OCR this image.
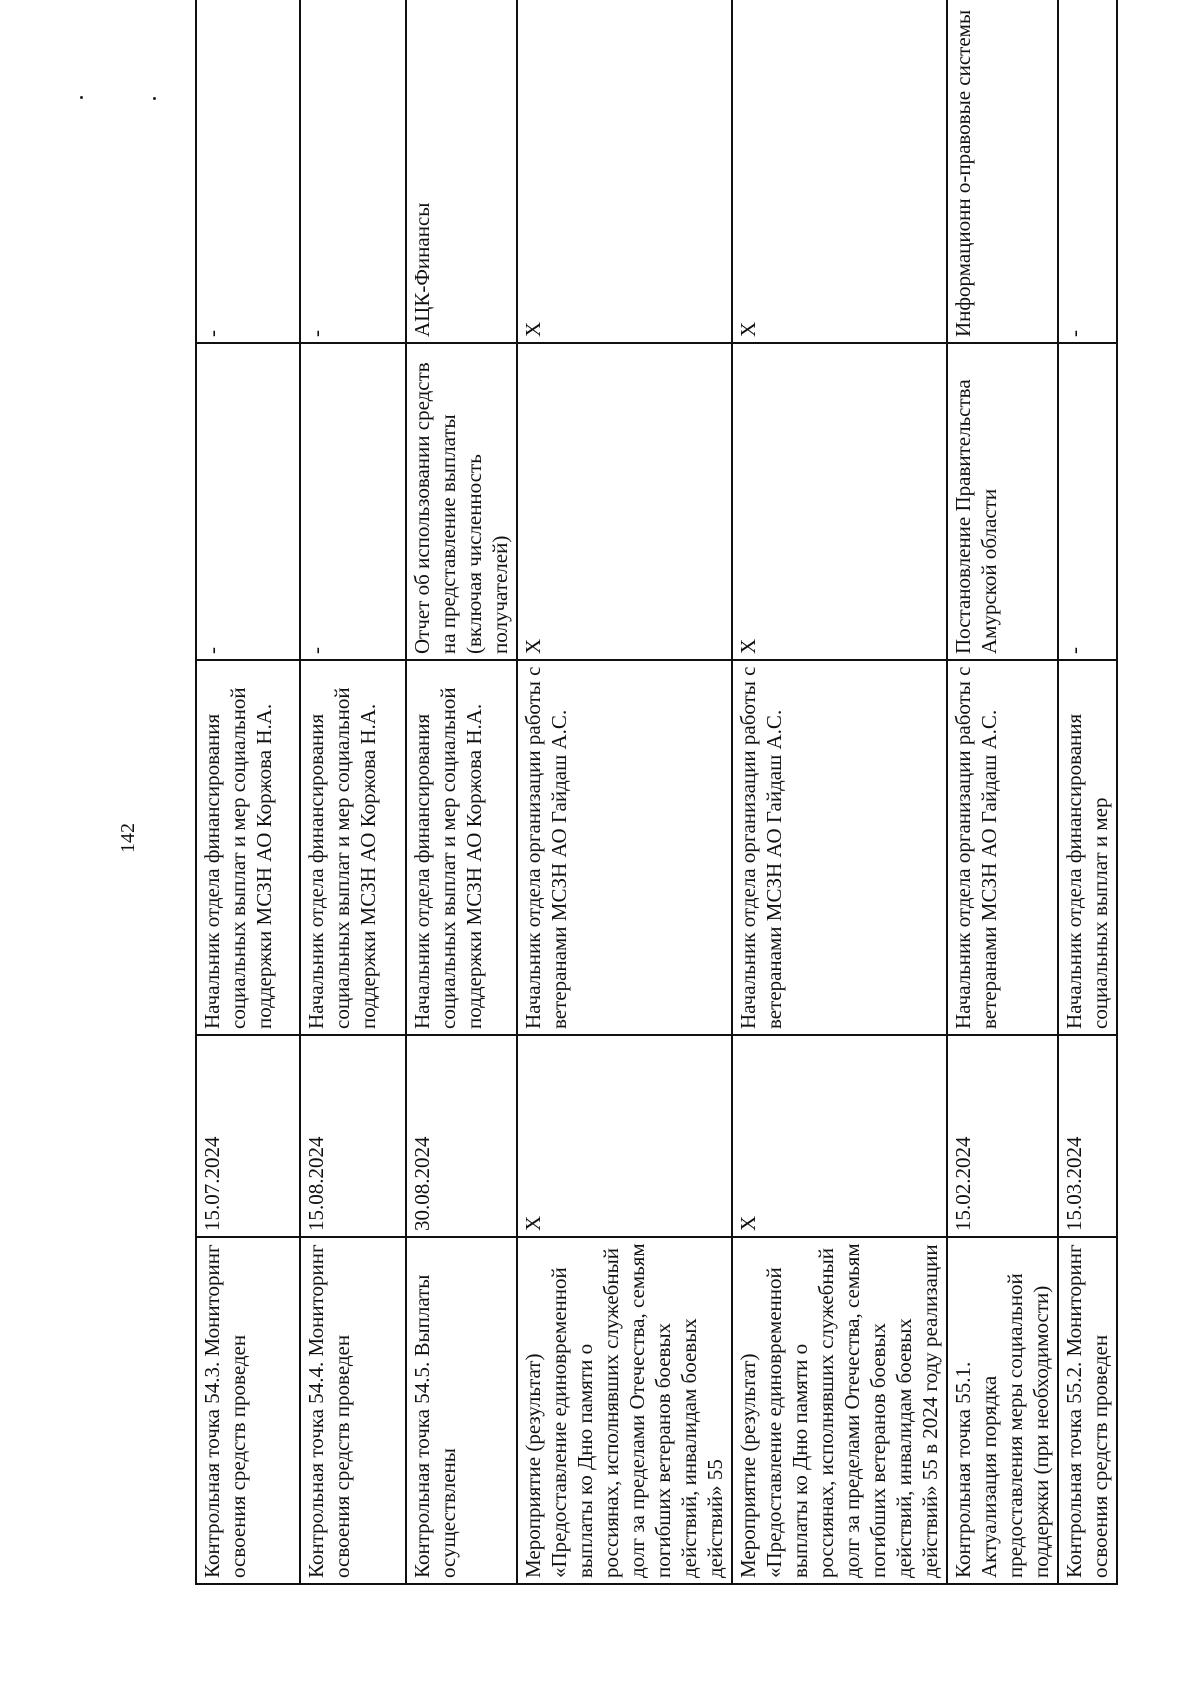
142
Контрольная точка 54.3. Мониторинг освоения средств проведен	15.07.2024	Начальник отдела финансирования социальных выплат и мер социальной поддержки МСЗН АО Коржова Н.А.	-	-
Контрольная точка 54.4. Мониторинг освоения средств проведен	15.08.2024	Начальник отдела финансирования социальных выплат и мер социальной поддержки МСЗН АО Коржова Н.А.	-	-
Контрольная точка 54.5. Выплаты осуществлены	30.08.2024	Начальник отдела финансирования социальных выплат и мер социальной поддержки МСЗН АО Коржова Н.А.	Отчет об использовании средств на представление выплаты (включая численность получателей)	АЦК-Финансы
Мероприятие (результат) «Предоставление единовременной выплаты ко Дню памяти о россиянах, исполнявших служебный долг за пределами Отечества, семьям погибших ветеранов боевых действий, инвалидам боевых действий» 55	X	Начальник отдела организации работы с ветеранами МСЗН АО Гайдаш А.С.	X	X
Мероприятие (результат) «Предоставление единовременной выплаты ко Дню памяти о россиянах, исполнявших служебный долг за пределами Отечества, семьям погибших ветеранов боевых действий, инвалидам боевых действий» 55 в 2024 году реализации	X	Начальник отдела организации работы с ветеранами МСЗН АО Гайдаш А.С.	X	X
Контрольная точка 55.1. Актуализация порядка предоставления меры социальной поддержки (при необходимости)	15.02.2024	Начальник отдела организации работы с ветеранами МСЗН АО Гайдаш А.С.	Постановление Правительства Амурской области	Информационн о-правовые системы
Контрольная точка 55.2. Мониторинг освоения средств проведен	15.03.2024	Начальник отдела финансирования социальных выплат и мер	-	-
